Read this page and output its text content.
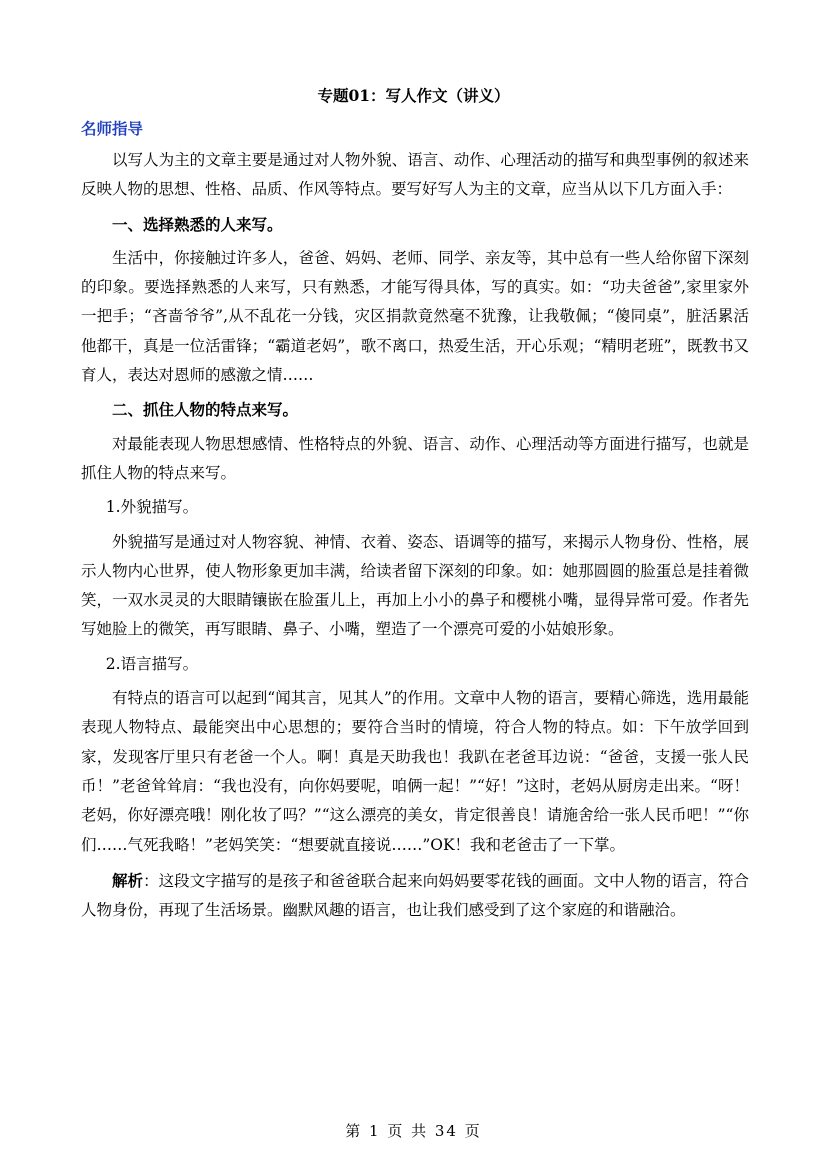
专题01：写人作文（讲义）
名师指导

以写人为主的文章主要是通过对人物外貌、语言、动作、心理活动的描写和典型事例的叙述来反映人物的思想、性格、品质、作风等特点。要写好写人为主的文章，应当从以下几方面入手：

一、选择熟悉的人来写。

生活中，你接触过许多人，爸爸、妈妈、老师、同学、亲友等，其中总有一些人给你留下深刻的印象。要选择熟悉的人来写，只有熟悉，才能写得具体，写的真实。如：“功夫爸爸”,家里家外一把手；“吝啬爷爷”,从不乱花一分钱，灾区捐款竟然毫不犹豫，让我敬佩；“傻同桌”，脏活累活他都干，真是一位活雷锋；“霸道老妈”，歌不离口，热爱生活，开心乐观；“精明老班”，既教书又育人，表达对恩师的感激之情……

二、抓住人物的特点来写。

对最能表现人物思想感情、性格特点的外貌、语言、动作、心理活动等方面进行描写，也就是抓住人物的特点来写。

1.外貌描写。

外貌描写是通过对人物容貌、神情、衣着、姿态、语调等的描写，来揭示人物身份、性格，展示人物内心世界，使人物形象更加丰满，给读者留下深刻的印象。如：她那圆圆的脸蛋总是挂着微笑，一双水灵灵的大眼睛镶嵌在脸蛋儿上，再加上小小的鼻子和樱桃小嘴，显得异常可爱。作者先写她脸上的微笑，再写眼睛、鼻子、小嘴，塑造了一个漂亮可爱的小姑娘形象。

2.语言描写。

有特点的语言可以起到“闻其言，见其人”的作用。文章中人物的语言，要精心筛选，选用最能表现人物特点、最能突出中心思想的；要符合当时的情境，符合人物的特点。如：下午放学回到家，发现客厅里只有老爸一个人。啊！真是天助我也！我趴在老爸耳边说：“爸爸，支援一张人民币！”老爸耸耸肩：“我也没有，向你妈要呢，咱俩一起！”“好！”这时，老妈从厨房走出来。“呀！老妈，你好漂亮哦！刚化妆了吗？”“这么漂亮的美女，肯定很善良！请施舍给一张人民币吧！”“你们……气死我略！”老妈笑笑：“想要就直接说……”OK！我和老爸击了一下掌。

解析：这段文字描写的是孩子和爸爸联合起来向妈妈要零花钱的画面。文中人物的语言，符合人物身份，再现了生活场景。幽默风趣的语言，也让我们感受到了这个家庭的和谐融洽。

第 1 页 共 34 页
